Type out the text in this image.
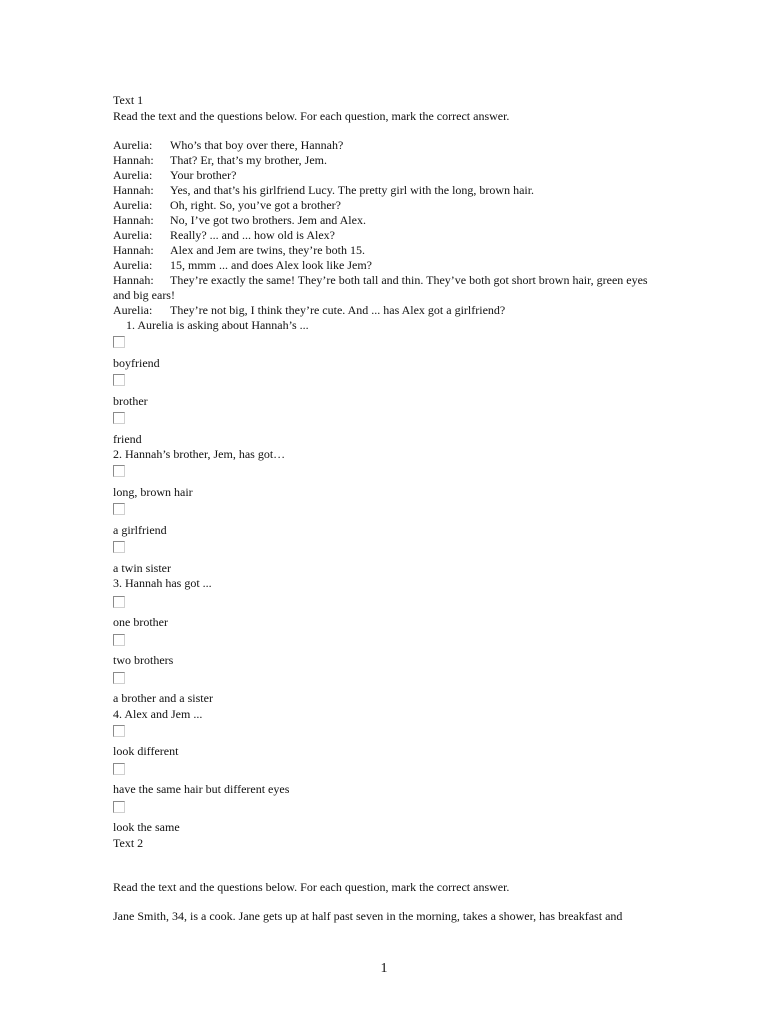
Text 1
Read the text and the questions below. For each question, mark the correct answer.
Aurelia: Who’s that boy over there, Hannah?
Hannah: That? Er, that’s my brother, Jem.
Aurelia: Your brother?
Hannah: Yes, and that’s his girlfriend Lucy. The pretty girl with the long, brown hair.
Aurelia: Oh, right. So, you’ve got a brother?
Hannah: No, I’ve got two brothers. Jem and Alex.
Aurelia: Really? ... and ... how old is Alex?
Hannah: Alex and Jem are twins, they’re both 15.
Aurelia: 15, mmm ... and does Alex look like Jem?
Hannah: They’re exactly the same! They’re both tall and thin. They’ve both got short brown hair, green eyes and big ears!
Aurelia: They’re not big, I think they’re cute. And ... has Alex got a girlfriend?
1. Aurelia is asking about Hannah’s ...
boyfriend
brother
friend
2. Hannah’s brother, Jem, has got…
long, brown hair
a girlfriend
a twin sister
3. Hannah has got ...
one brother
two brothers
a brother and a sister
4. Alex and Jem ...
look different
have the same hair but different eyes
look the same
Text 2
Read the text and the questions below. For each question, mark the correct answer.
Jane Smith, 34, is a cook. Jane gets up at half past seven in the morning, takes a shower, has breakfast and
1
